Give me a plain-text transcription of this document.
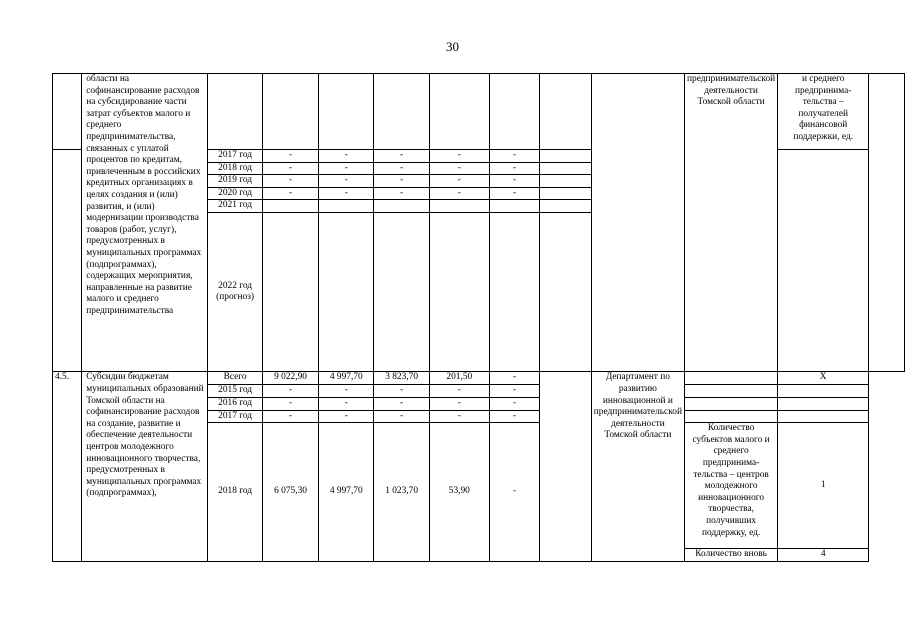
30
	области на софинансирование расходов на субсидирование части затрат субъектов малого и среднего предпринимательства, связанных с уплатой процентов по кредитам, привлеченным в российских кредитных организациях в целях создания и (или) развития, и (или) модернизации производства товаров (работ, услуг), предусмотренных в муниципальных программах (подпрограммах), содержащих мероприятия, направленные на развитие малого и среднего предпринимательства									предпринимательской деятельности Томской области	и среднего предпринима-тельства – получателей финансовой поддержки, ед.	
		2017 год	-	-	-	-	-					
		2018 год	-	-	-	-	-					
		2019 год	-	-	-	-	-					
		2020 год	-	-	-	-	-					
		2021 год										
		2022 год (прогноз)										
4.5.	Субсидии бюджетам муниципальных образований Томской области на софинансирование расходов на создание, развитие и обеспечение деятельности центров молодежного инновационного творчества, предусмотренных в муниципальных программах (подпрограммах),	Всего	9 022,90	4 997,70	3 823,70	201,50	-		Департамент по развитию инновационной и предпринимательской деятельности Томской области		X	
		2015 год	-	-	-	-	-					
		2016 год	-	-	-	-	-					
		2017 год	-	-	-	-	-					
		2018 год	6 075,30	4 997,70	1 023,70	53,90	-			Количество субъектов малого и среднего предпринима-тельства – центров молодежного инновационного творчества, получивших поддержку, ед.	1	
										Количество вновь	4	
